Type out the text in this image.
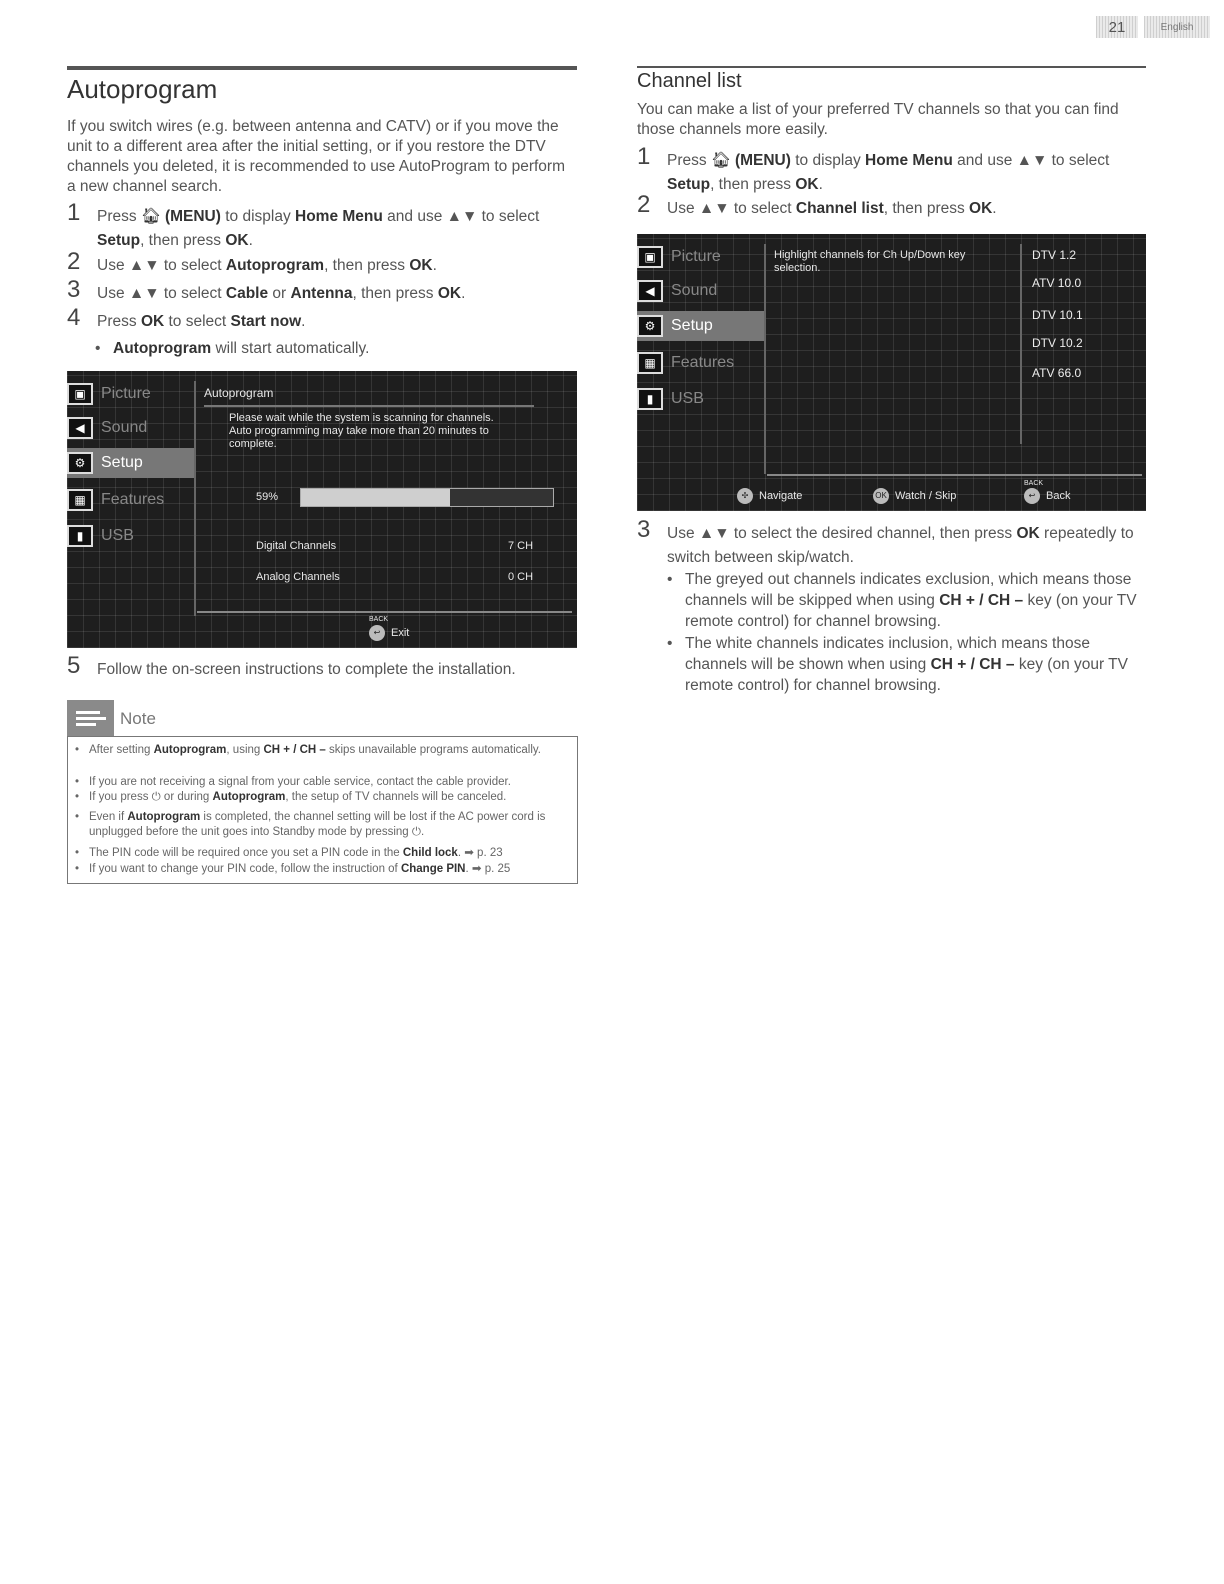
21	English
Autoprogram
If you switch wires (e.g. between antenna and CATV) or if you move the unit to a different area after the initial setting, or if you restore the DTV channels you deleted, it is recommended to use AutoProgram to perform a new channel search.
1 Press 🏠︎ (MENU) to display Home Menu and use ▲▼ to select Setup, then press OK.
2 Use ▲▼ to select Autoprogram, then press OK.
3 Use ▲▼ to select Cable or Antenna, then press OK.
4 Press OK to select Start now.
• Autoprogram will start automatically.
▣ Picture
◀	Sound
⚙ Setup
▦ Features
▮	USB
Autoprogram
Please wait while the system is scanning for channels. Auto programming may take more than 20 minutes to complete.
59%
Digital Channels	7 CH
Analog Channels	0 CH
BACK
↩ Exit
5 Follow the on-screen instructions to complete the installation.
Note
• After setting Autoprogram, using CH + / CH – skips unavailable programs automatically.
• If you are not receiving a signal from your cable service, contact the cable provider.
• If you press ⏻ or during Autoprogram, the setup of TV channels will be canceled.
• Even if Autoprogram is completed, the channel setting will be lost if the AC power cord is unplugged before the unit goes into Standby mode by pressing ⏻.
• The PIN code will be required once you set a PIN code in the Child lock. ➡ p. 23
• If you want to change your PIN code, follow the instruction of Change PIN. ➡ p. 25
Channel list
You can make a list of your preferred TV channels so that you can find those channels more easily.
1 Press 🏠︎ (MENU) to display Home Menu and use ▲▼ to select Setup, then press OK.
2 Use ▲▼ to select Channel list, then press OK.
▣ Picture
◀	Sound
⚙ Setup
▦ Features
▮	USB
Highlight channels for Ch Up/Down key selection.
✣ Navigate	OK Watch / Skip
BACK
↩ Back
DTV 1.2
ATV 10.0
DTV 10.1
DTV 10.2
ATV 66.0
3 Use ▲▼ to select the desired channel, then press OK repeatedly to switch between skip/watch.
• The greyed out channels indicates exclusion, which means those channels will be skipped when using CH + / CH – key (on your TV remote control) for channel browsing.
• The white channels indicates inclusion, which means those channels will be shown when using CH + / CH – key (on your TV remote control) for channel browsing.
